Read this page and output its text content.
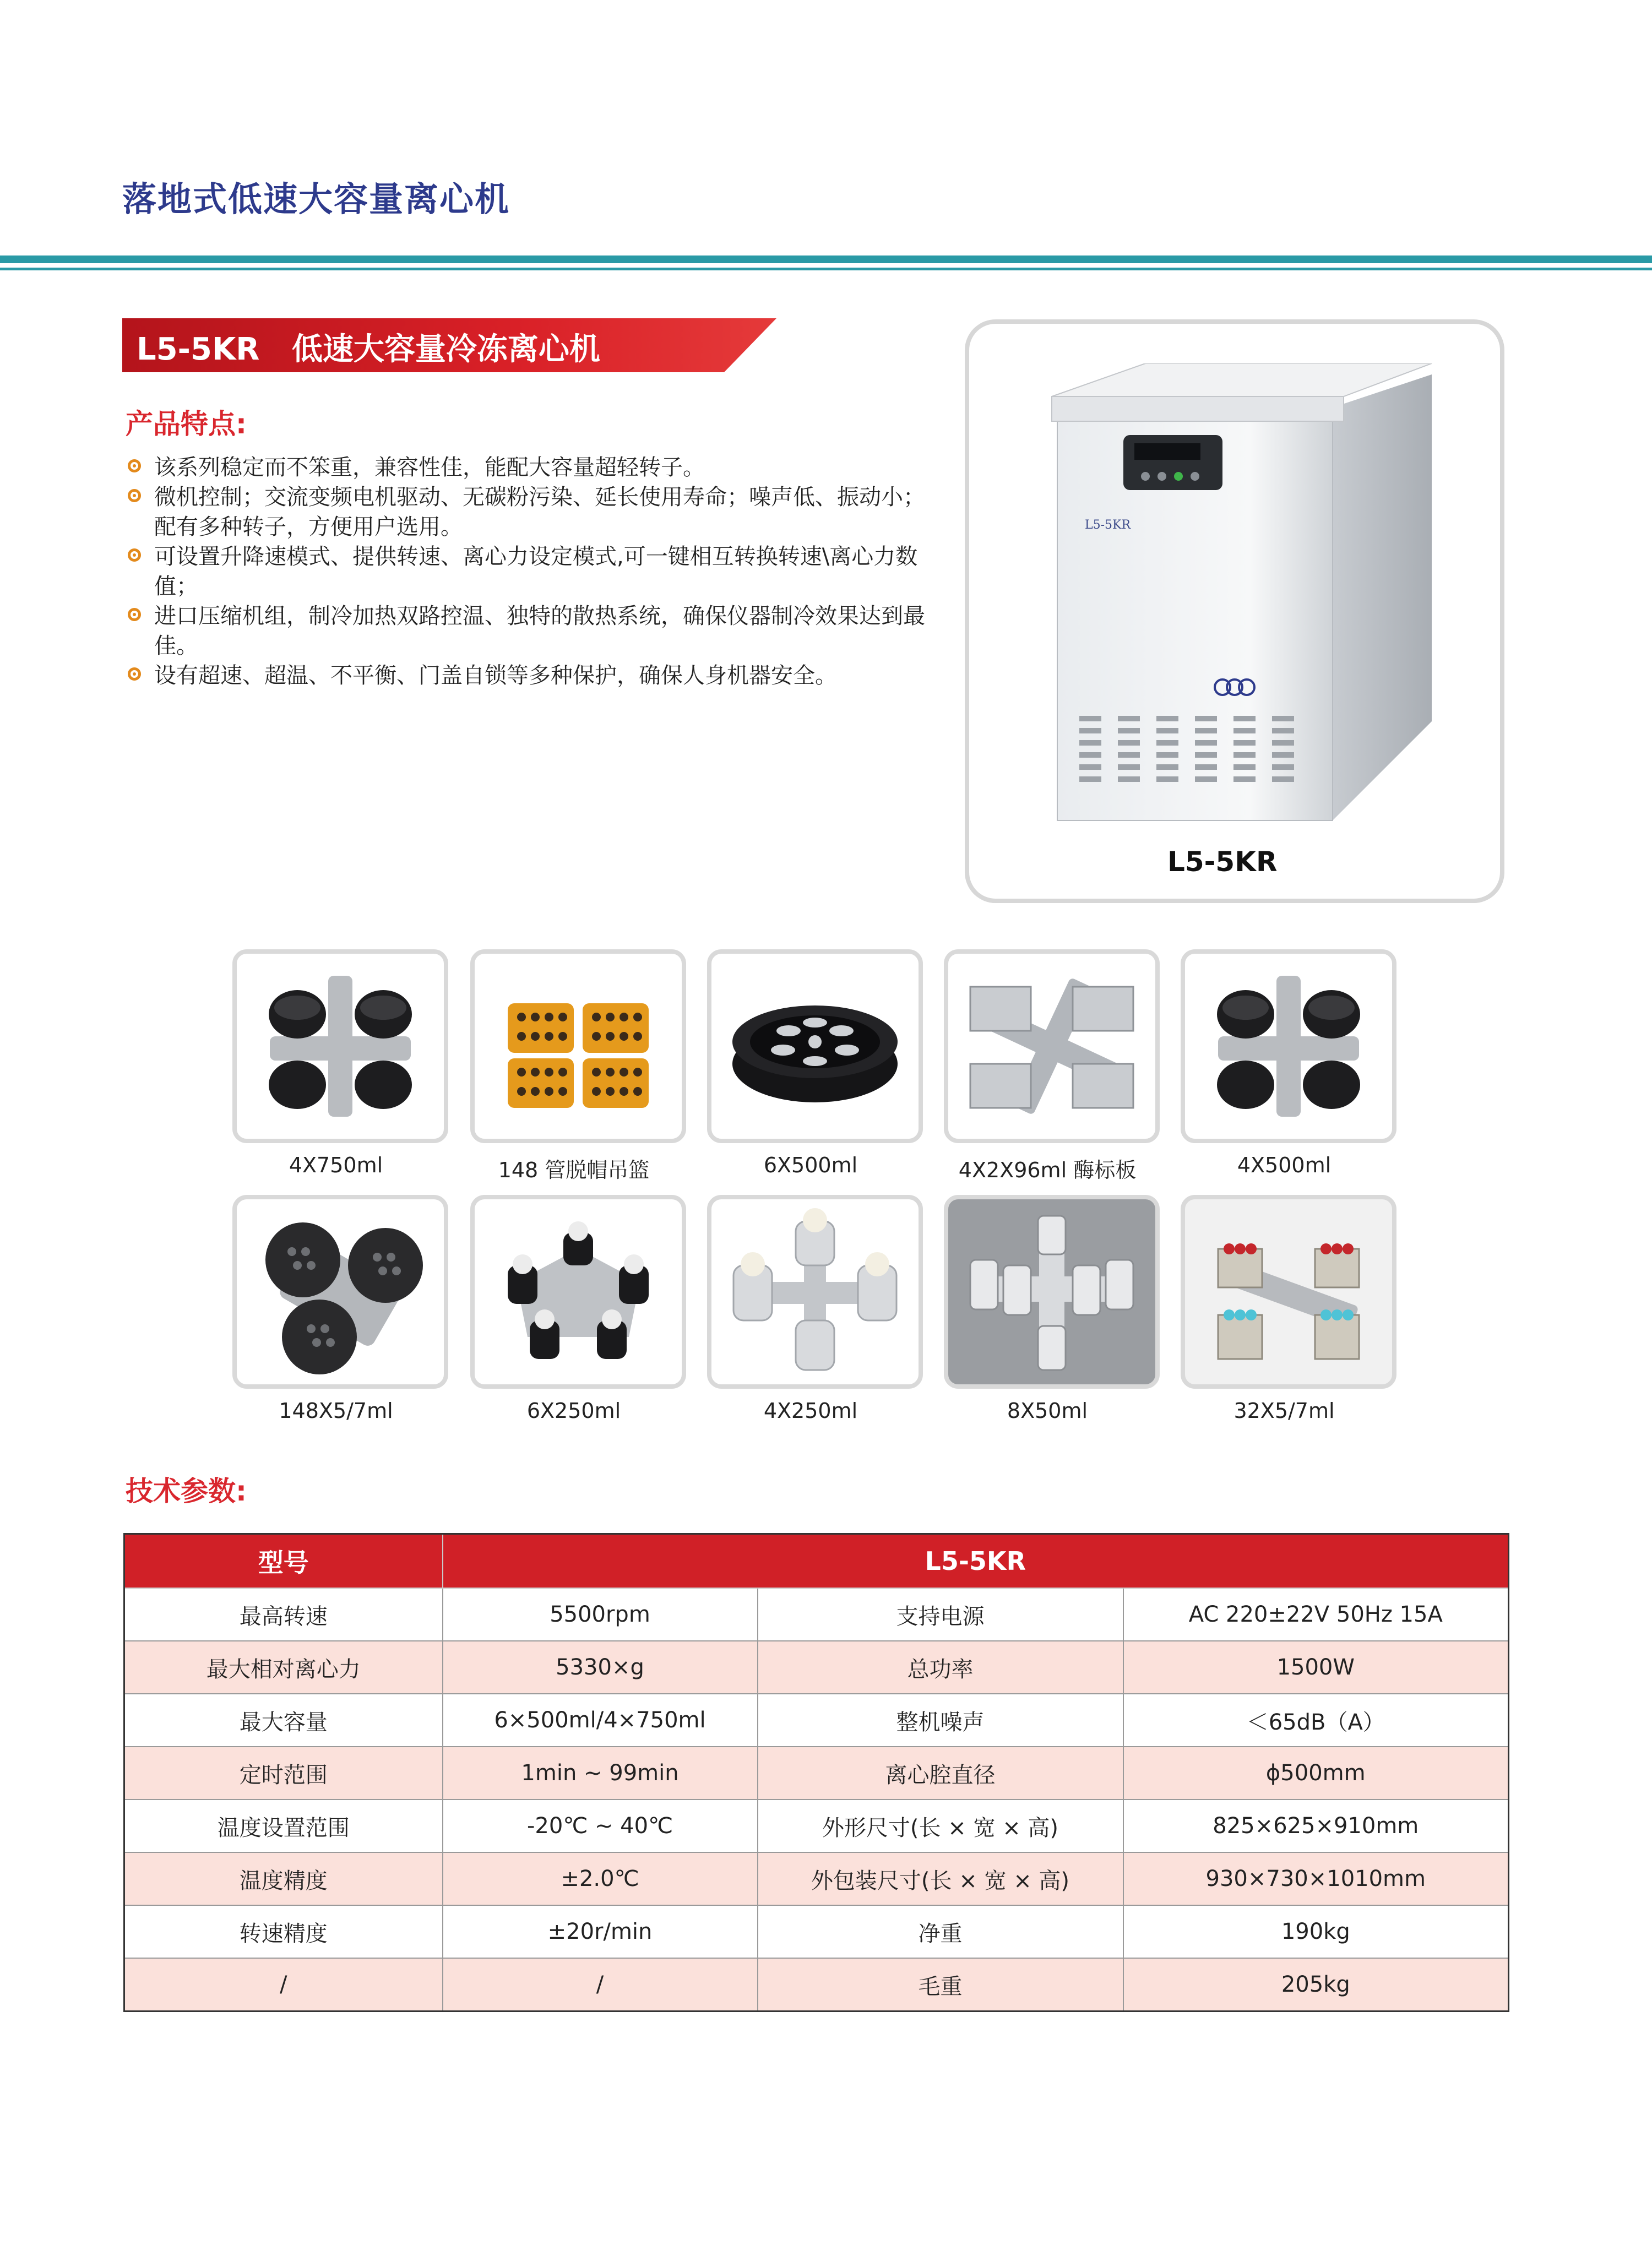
落地式低速大容量离心机
L5-5KR 低速大容量冷冻离心机
产品特点:

该系列稳定而不笨重，兼容性佳，能配大容量超轻转子。

微机控制；交流变频电机驱动、无碳粉污染、延长使用寿命；噪声低、振动小；配有多种转子，方便用户选用。

可设置升降速模式、提供转速、离心力设定模式,可一键相互转换转速\离心力数值；

进口压缩机组，制冷加热双路控温、独特的散热系统，确保仪器制冷效果达到最佳。

设有超速、超温、不平衡、门盖自锁等多种保护，确保人身机器安全。

L5-5KR
L5-5KR
4X750ml	148 管脱帽吊篮	6X500ml	4X2X96ml 酶标板	4X500ml
148X5/7ml	6X250ml	4X250ml	8X50ml	32X5/7ml
技术参数:
型号	L5-5KR		
最高转速	5500rpm	支持电源	AC 220±22V 50Hz 15A
最大相对离心力	5330×g	总功率	1500W
最大容量	6×500ml/4×750ml	整机噪声	＜65dB（A）
定时范围	1min ~ 99min	离心腔直径	ϕ500mm
温度设置范围	-20℃ ~ 40℃	外形尺寸(长 × 宽 × 高)	825×625×910mm
温度精度	±2.0℃	外包装尺寸(长 × 宽 × 高)	930×730×1010mm
转速精度	±20r/min	净重	190kg
/	/	毛重	205kg
